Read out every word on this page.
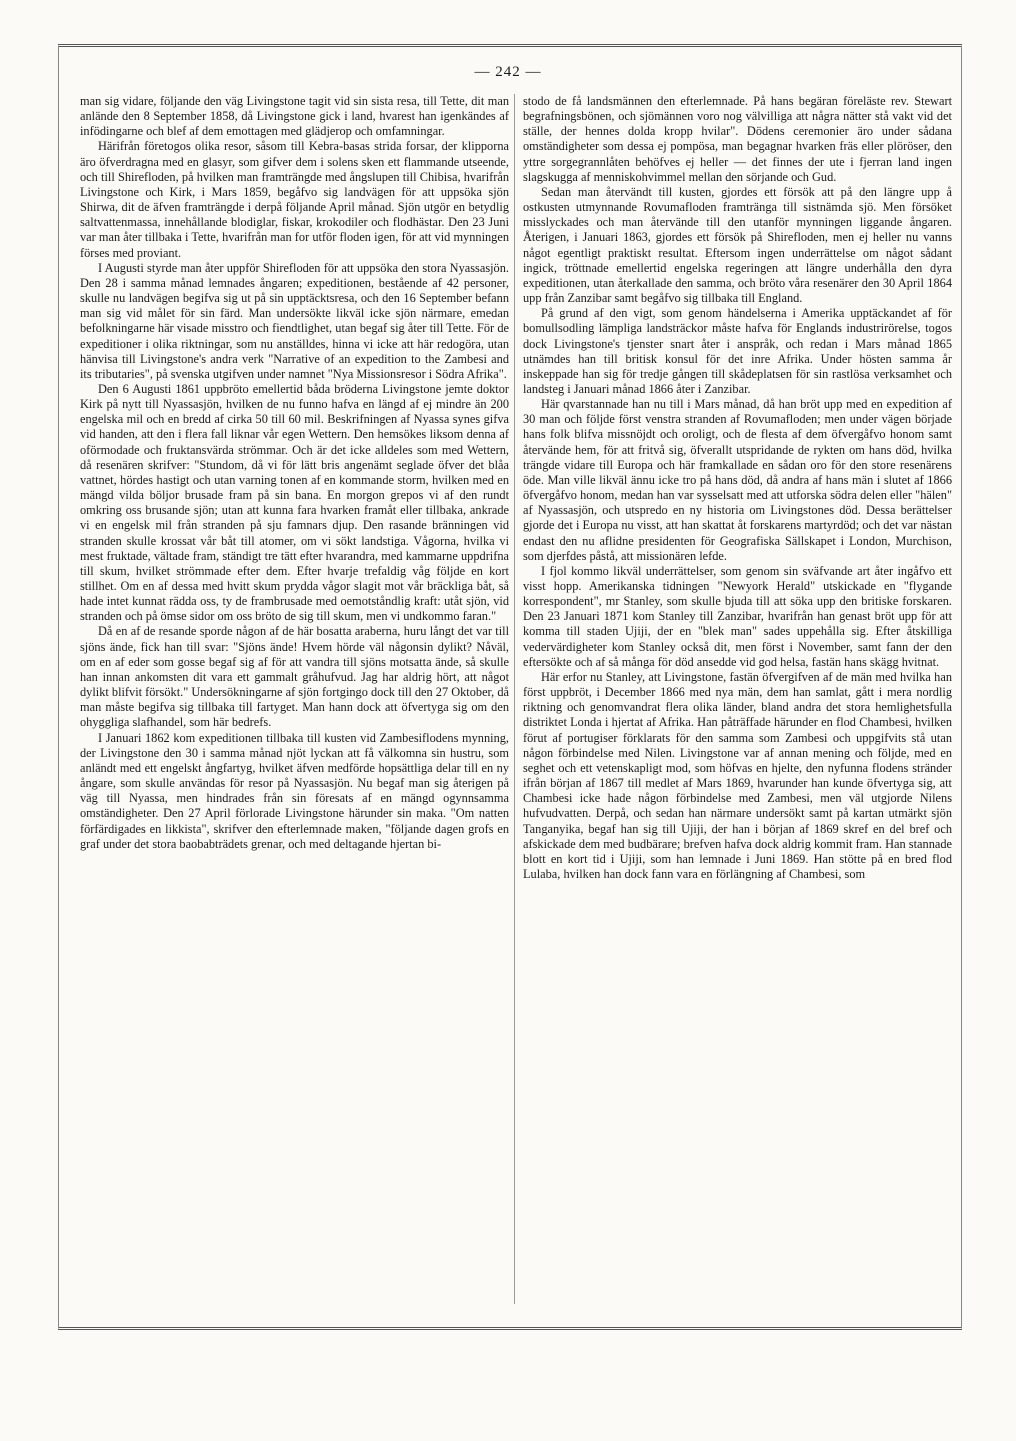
— 242 —

man sig vidare, följande den väg Livingstone tagit vid sin sista resa, till Tette, dit man anlände den 8 September 1858, då Livingstone gick i land, hvarest han igenkändes af infödingarne och blef af dem emottagen med glädjerop och omfamningar.

Härifrån företogos olika resor, såsom till Kebra-basas strida forsar, der klipporna äro öfverdragna med en glasyr, som gifver dem i solens sken ett flammande utseende, och till Shirefloden, på hvilken man framträngde med ångslupen till Chibisa, hvarifrån Livingstone och Kirk, i Mars 1859, begåfvo sig landvägen för att uppsöka sjön Shirwa, dit de äfven framträngde i derpå följande April månad. Sjön utgör en betydlig saltvattenmassa, innehållande blodiglar, fiskar, krokodiler och flodhästar. Den 23 Juni var man åter tillbaka i Tette, hvarifrån man for utför floden igen, för att vid mynningen förses med proviant.

I Augusti styrde man åter uppför Shirefloden för att uppsöka den stora Nyassasjön. Den 28 i samma månad lemnades ångaren; expeditionen, bestående af 42 personer, skulle nu landvägen begifva sig ut på sin upptäcktsresa, och den 16 September befann man sig vid målet för sin färd. Man undersökte likväl icke sjön närmare, emedan befolkningarne här visade misstro och fiendtlighet, utan begaf sig åter till Tette. För de expeditioner i olika riktningar, som nu anställdes, hinna vi icke att här redogöra, utan hänvisa till Livingstone's andra verk "Narrative of an expedition to the Zambesi and its tributaries", på svenska utgifven under namnet "Nya Missionsresor i Södra Afrika".

Den 6 Augusti 1861 uppbröto emellertid båda bröderna Livingstone jemte doktor Kirk på nytt till Nyassasjön, hvilken de nu funno hafva en längd af ej mindre än 200 engelska mil och en bredd af cirka 50 till 60 mil. Beskrifningen af Nyassa synes gifva vid handen, att den i flera fall liknar vår egen Wettern. Den hemsökes liksom denna af oförmodade och fruktansvärda strömmar. Och är det icke alldeles som med Wettern, då resenären skrifver: "Stundom, då vi för lätt bris angenämt seglade öfver det blåa vattnet, hördes hastigt och utan varning tonen af en kommande storm, hvilken med en mängd vilda böljor brusade fram på sin bana. En morgon grepos vi af den rundt omkring oss brusande sjön; utan att kunna fara hvarken framåt eller tillbaka, ankrade vi en engelsk mil från stranden på sju famnars djup. Den rasande bränningen vid stranden skulle krossat vår båt till atomer, om vi sökt landstiga. Vågorna, hvilka vi mest fruktade, vältade fram, ständigt tre tätt efter hvarandra, med kammarne uppdrifna till skum, hvilket strömmade efter dem. Efter hvarje trefaldig våg följde en kort stillhet. Om en af dessa med hvitt skum prydda vågor slagit mot vår bräckliga båt, så hade intet kunnat rädda oss, ty de frambrusade med oemotståndlig kraft: utåt sjön, vid stranden och på ömse sidor om oss bröto de sig till skum, men vi undkommo faran."

Då en af de resande sporde någon af de här bosatta araberna, huru långt det var till sjöns ände, fick han till svar: "Sjöns ände! Hvem hörde väl någonsin dylikt? Nåväl, om en af eder som gosse begaf sig af för att vandra till sjöns motsatta ände, så skulle han innan ankomsten dit vara ett gammalt gråhufvud. Jag har aldrig hört, att något dylikt blifvit försökt." Undersökningarne af sjön fortgingo dock till den 27 Oktober, då man måste begifva sig tillbaka till fartyget. Man hann dock att öfvertyga sig om den ohyggliga slafhandel, som här bedrefs.

I Januari 1862 kom expeditionen tillbaka till kusten vid Zambesiflodens mynning, der Livingstone den 30 i samma månad njöt lyckan att få välkomna sin hustru, som anländt med ett engelskt ångfartyg, hvilket äfven medförde hopsättliga delar till en ny ångare, som skulle användas för resor på Nyassasjön. Nu begaf man sig återigen på väg till Nyassa, men hindrades från sin föresats af en mängd ogynnsamma omständigheter. Den 27 April förlorade Livingstone härunder sin maka. "Om natten förfärdigades en likkista", skrifver den efterlemnade maken, "följande dagen grofs en graf under det stora baobabträdets grenar, och med deltagande hjertan bi-

stodo de få landsmännen den efterlemnade. På hans begäran föreläste rev. Stewart begrafningsbönen, och sjömännen voro nog välvilliga att några nätter stå vakt vid det ställe, der hennes dolda kropp hvilar". Dödens ceremonier äro under sådana omständigheter som dessa ej pompösa, man begagnar hvarken fräs eller plöröser, den yttre sorgegrannlåten behöfves ej heller — det finnes der ute i fjerran land ingen slagskugga af menniskohvimmel mellan den sörjande och Gud.

Sedan man återvändt till kusten, gjordes ett försök att på den längre upp å ostkusten utmynnande Rovumafloden framtränga till sistnämda sjö. Men försöket misslyckades och man återvände till den utanför mynningen liggande ångaren. Återigen, i Januari 1863, gjordes ett försök på Shirefloden, men ej heller nu vanns något egentligt praktiskt resultat. Eftersom ingen underrättelse om något sådant ingick, tröttnade emellertid engelska regeringen att längre underhålla den dyra expeditionen, utan återkallade den samma, och bröto våra resenärer den 30 April 1864 upp från Zanzibar samt begåfvo sig tillbaka till England.

På grund af den vigt, som genom händelserna i Amerika upptäckandet af för bomullsodling lämpliga landsträckor måste hafva för Englands industrirörelse, togos dock Livingstone's tjenster snart åter i anspråk, och redan i Mars månad 1865 utnämdes han till britisk konsul för det inre Afrika. Under hösten samma år inskeppade han sig för tredje gången till skådeplatsen för sin rastlösa verksamhet och landsteg i Januari månad 1866 åter i Zanzibar.

Här qvarstannade han nu till i Mars månad, då han bröt upp med en expedition af 30 man och följde först venstra stranden af Rovumafloden; men under vägen började hans folk blifva missnöjdt och oroligt, och de flesta af dem öfvergåfvo honom samt återvände hem, för att fritvå sig, öfverallt utspridande de rykten om hans död, hvilka trängde vidare till Europa och här framkallade en sådan oro för den store resenärens öde. Man ville likväl ännu icke tro på hans död, då andra af hans män i slutet af 1866 öfvergåfvo honom, medan han var sysselsatt med att utforska södra delen eller "hälen" af Nyassasjön, och utspredo en ny historia om Livingstones död. Dessa berättelser gjorde det i Europa nu visst, att han skattat åt forskarens martyrdöd; och det var nästan endast den nu aflidne presidenten för Geografiska Sällskapet i London, Murchison, som djerfdes påstå, att missionären lefde.

I fjol kommo likväl underrättelser, som genom sin sväfvande art åter ingåfvo ett visst hopp. Amerikanska tidningen "Newyork Herald" utskickade en "flygande korrespondent", mr Stanley, som skulle bjuda till att söka upp den britiske forskaren. Den 23 Januari 1871 kom Stanley till Zanzibar, hvarifrån han genast bröt upp för att komma till staden Ujiji, der en "blek man" sades uppehålla sig. Efter åtskilliga vedervärdigheter kom Stanley också dit, men först i November, samt fann der den eftersökte och af så många för död ansedde vid god helsa, fastän hans skägg hvitnat.

Här erfor nu Stanley, att Livingstone, fastän öfvergifven af de män med hvilka han först uppbröt, i December 1866 med nya män, dem han samlat, gått i mera nordlig riktning och genomvandrat flera olika länder, bland andra det stora hemlighetsfulla distriktet Londa i hjertat af Afrika. Han påträffade härunder en flod Chambesi, hvilken förut af portugiser förklarats för den samma som Zambesi och uppgifvits stå utan någon förbindelse med Nilen. Livingstone var af annan mening och följde, med en seghet och ett vetenskapligt mod, som höfvas en hjelte, den nyfunna flodens stränder ifrån början af 1867 till medlet af Mars 1869, hvarunder han kunde öfvertyga sig, att Chambesi icke hade någon förbindelse med Zambesi, men väl utgjorde Nilens hufvudvatten. Derpå, och sedan han närmare undersökt samt på kartan utmärkt sjön Tanganyika, begaf han sig till Ujiji, der han i början af 1869 skref en del bref och afskickade dem med budbärare; brefven hafva dock aldrig kommit fram. Han stannade blott en kort tid i Ujiji, som han lemnade i Juni 1869. Han stötte på en bred flod Lulaba, hvilken han dock fann vara en förlängning af Chambesi, som
